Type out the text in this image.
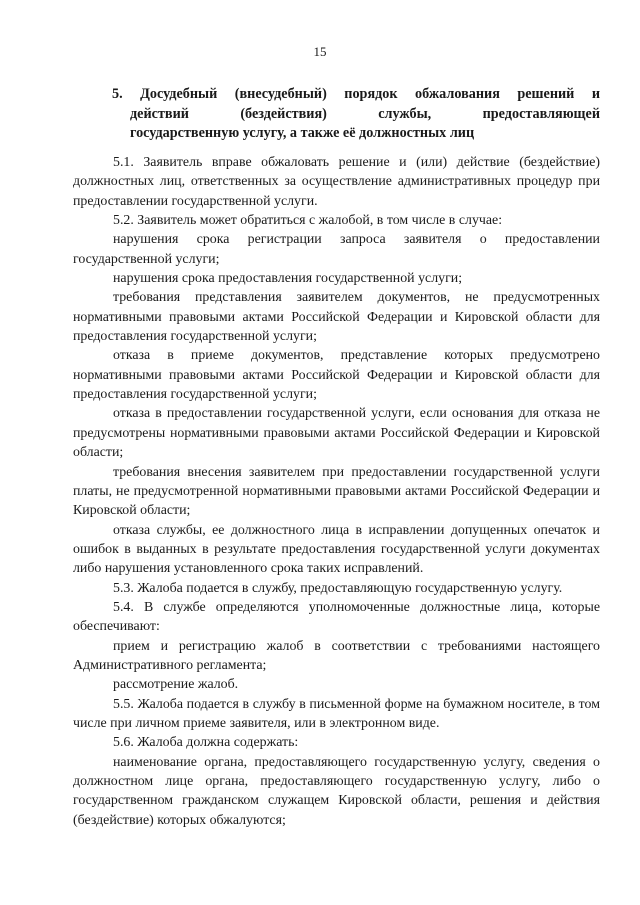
15
5. Досудебный (внесудебный) порядок обжалования решений и
действий (бездействия) службы, предоставляющей
государственную услугу, а также её должностных лиц

5.1. Заявитель вправе обжаловать решение и (или) действие (бездействие) должностных лиц, ответственных за осуществление административных процедур при предоставлении государственной услуги.

5.2. Заявитель может обратиться с жалобой, в том числе в случае:

нарушения срока регистрации запроса заявителя о предоставлении государственной услуги;

нарушения срока предоставления государственной услуги;

требования представления заявителем документов, не предусмотренных нормативными правовыми актами Российской Федерации и Кировской области для предоставления государственной услуги;

отказа в приеме документов, представление которых предусмотрено нормативными правовыми актами Российской Федерации и Кировской области для предоставления государственной услуги;

отказа в предоставлении государственной услуги, если основания для отказа не предусмотрены нормативными правовыми актами Российской Федерации и Кировской области;

требования внесения заявителем при предоставлении государственной услуги платы, не предусмотренной нормативными правовыми актами Российской Федерации и Кировской области;

отказа службы, ее должностного лица в исправлении допущенных опечаток и ошибок в выданных в результате предоставления государственной услуги документах либо нарушения установленного срока таких исправлений.

5.3. Жалоба подается в службу, предоставляющую государственную услугу.

5.4. В службе определяются уполномоченные должностные лица, которые обеспечивают:

прием и регистрацию жалоб в соответствии с требованиями настоящего Административного регламента;

рассмотрение жалоб.

5.5. Жалоба подается в службу в письменной форме на бумажном носителе, в том числе при личном приеме заявителя, или в электронном виде.

5.6. Жалоба должна содержать:

наименование органа, предоставляющего государственную услугу, сведения о должностном лице органа, предоставляющего государственную услугу, либо о государственном гражданском служащем Кировской области, решения и действия (бездействие) которых обжалуются;
